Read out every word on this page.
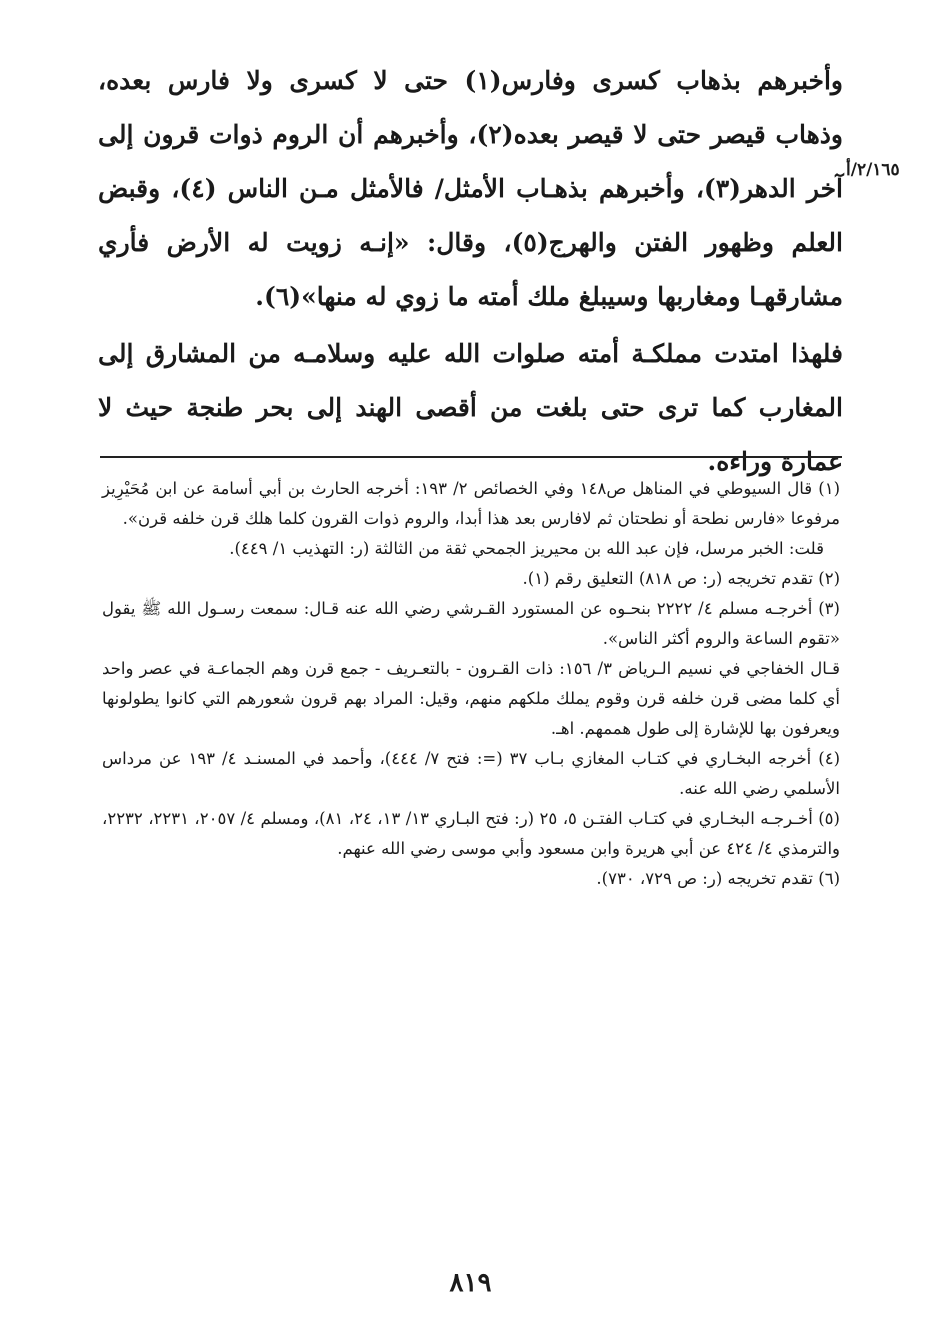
٢/١٦٥/أ

وأخبرهم بذهاب كسرى وفارس(١) حتى لا كسرى ولا فارس بعده، وذهاب قيصر حتى لا قيصر بعده(٢)، وأخبرهم أن الروم ذوات قرون إلى آخر الدهر(٣)، وأخبرهم بذهـاب الأمثل/ فالأمثل مـن الناس (٤)، وقبض العلم وظهور الفتن والهرج(٥)، وقال: «إنـه زويت له الأرض فأري مشارقهـا ومغاربها وسيبلغ ملك أمته ما زوي له منها»(٦).

فلهذا امتدت مملكـة أمته صلوات الله عليه وسلامـه من المشارق إلى المغارب كما ترى حتى بلغت من أقصى الهند إلى بحر طنجة حيث لا عمارة وراءه.

(١) قال السيوطي في المناهل ص١٤٨ وفي الخصائص ٢/ ١٩٣: أخرجه الحارث بن أبي أسامة عن ابن مُحَيْرِيز مرفوعا «فارس نطحة أو نطحتان ثم لافارس بعد هذا أبدا، والروم ذوات القرون كلما هلك قرن خلفه قرن».

قلت: الخبر مرسل، فإن عبد الله بن محيريز الجمحي ثقة من الثالثة (ر: التهذيب ١/ ٤٤٩).

(٢) تقدم تخريجه (ر: ص ٨١٨) التعليق رقم (١).

(٣) أخرجـه مسلم ٤/ ٢٢٢٢ بنحـوه عن المستورد القـرشي رضي الله عنه قـال: سمعت رسـول الله ﷺ يقول «تقوم الساعة والروم أكثر الناس».

قـال الخفاجي في نسيم الـرياض ٣/ ١٥٦: ذات القـرون - بالتعـريف - جمع قرن وهم الجماعـة في عصر واحد أي كلما مضى قرن خلفه قرن وقوم يملك ملكهم منهم، وقيل: المراد بهم قرون شعورهم التي كانوا يطولونها ويعرفون بها للإشارة إلى طول هممهم. اهـ.

(٤) أخرجه البخـاري في كتـاب المغازي بـاب ٣٧ (=: فتح ٧/ ٤٤٤)، وأحمد في المسنـد ٤/ ١٩٣ عن مرداس الأسلمي رضي الله عنه.

(٥) أخـرجـه البخـاري في كتـاب الفتـن ٥، ٢٥ (ر: فتح البـاري ١٣/ ١٣، ٢٤، ٨١)، ومسلم ٤/ ٢٠٥٧، ٢٢٣١، ٢٢٣٢، والترمذي ٤/ ٤٢٤ عن أبي هريرة وابن مسعود وأبي موسى رضي الله عنهم.

(٦) تقدم تخريجه (ر: ص ٧٢٩، ٧٣٠).

٨١٩
